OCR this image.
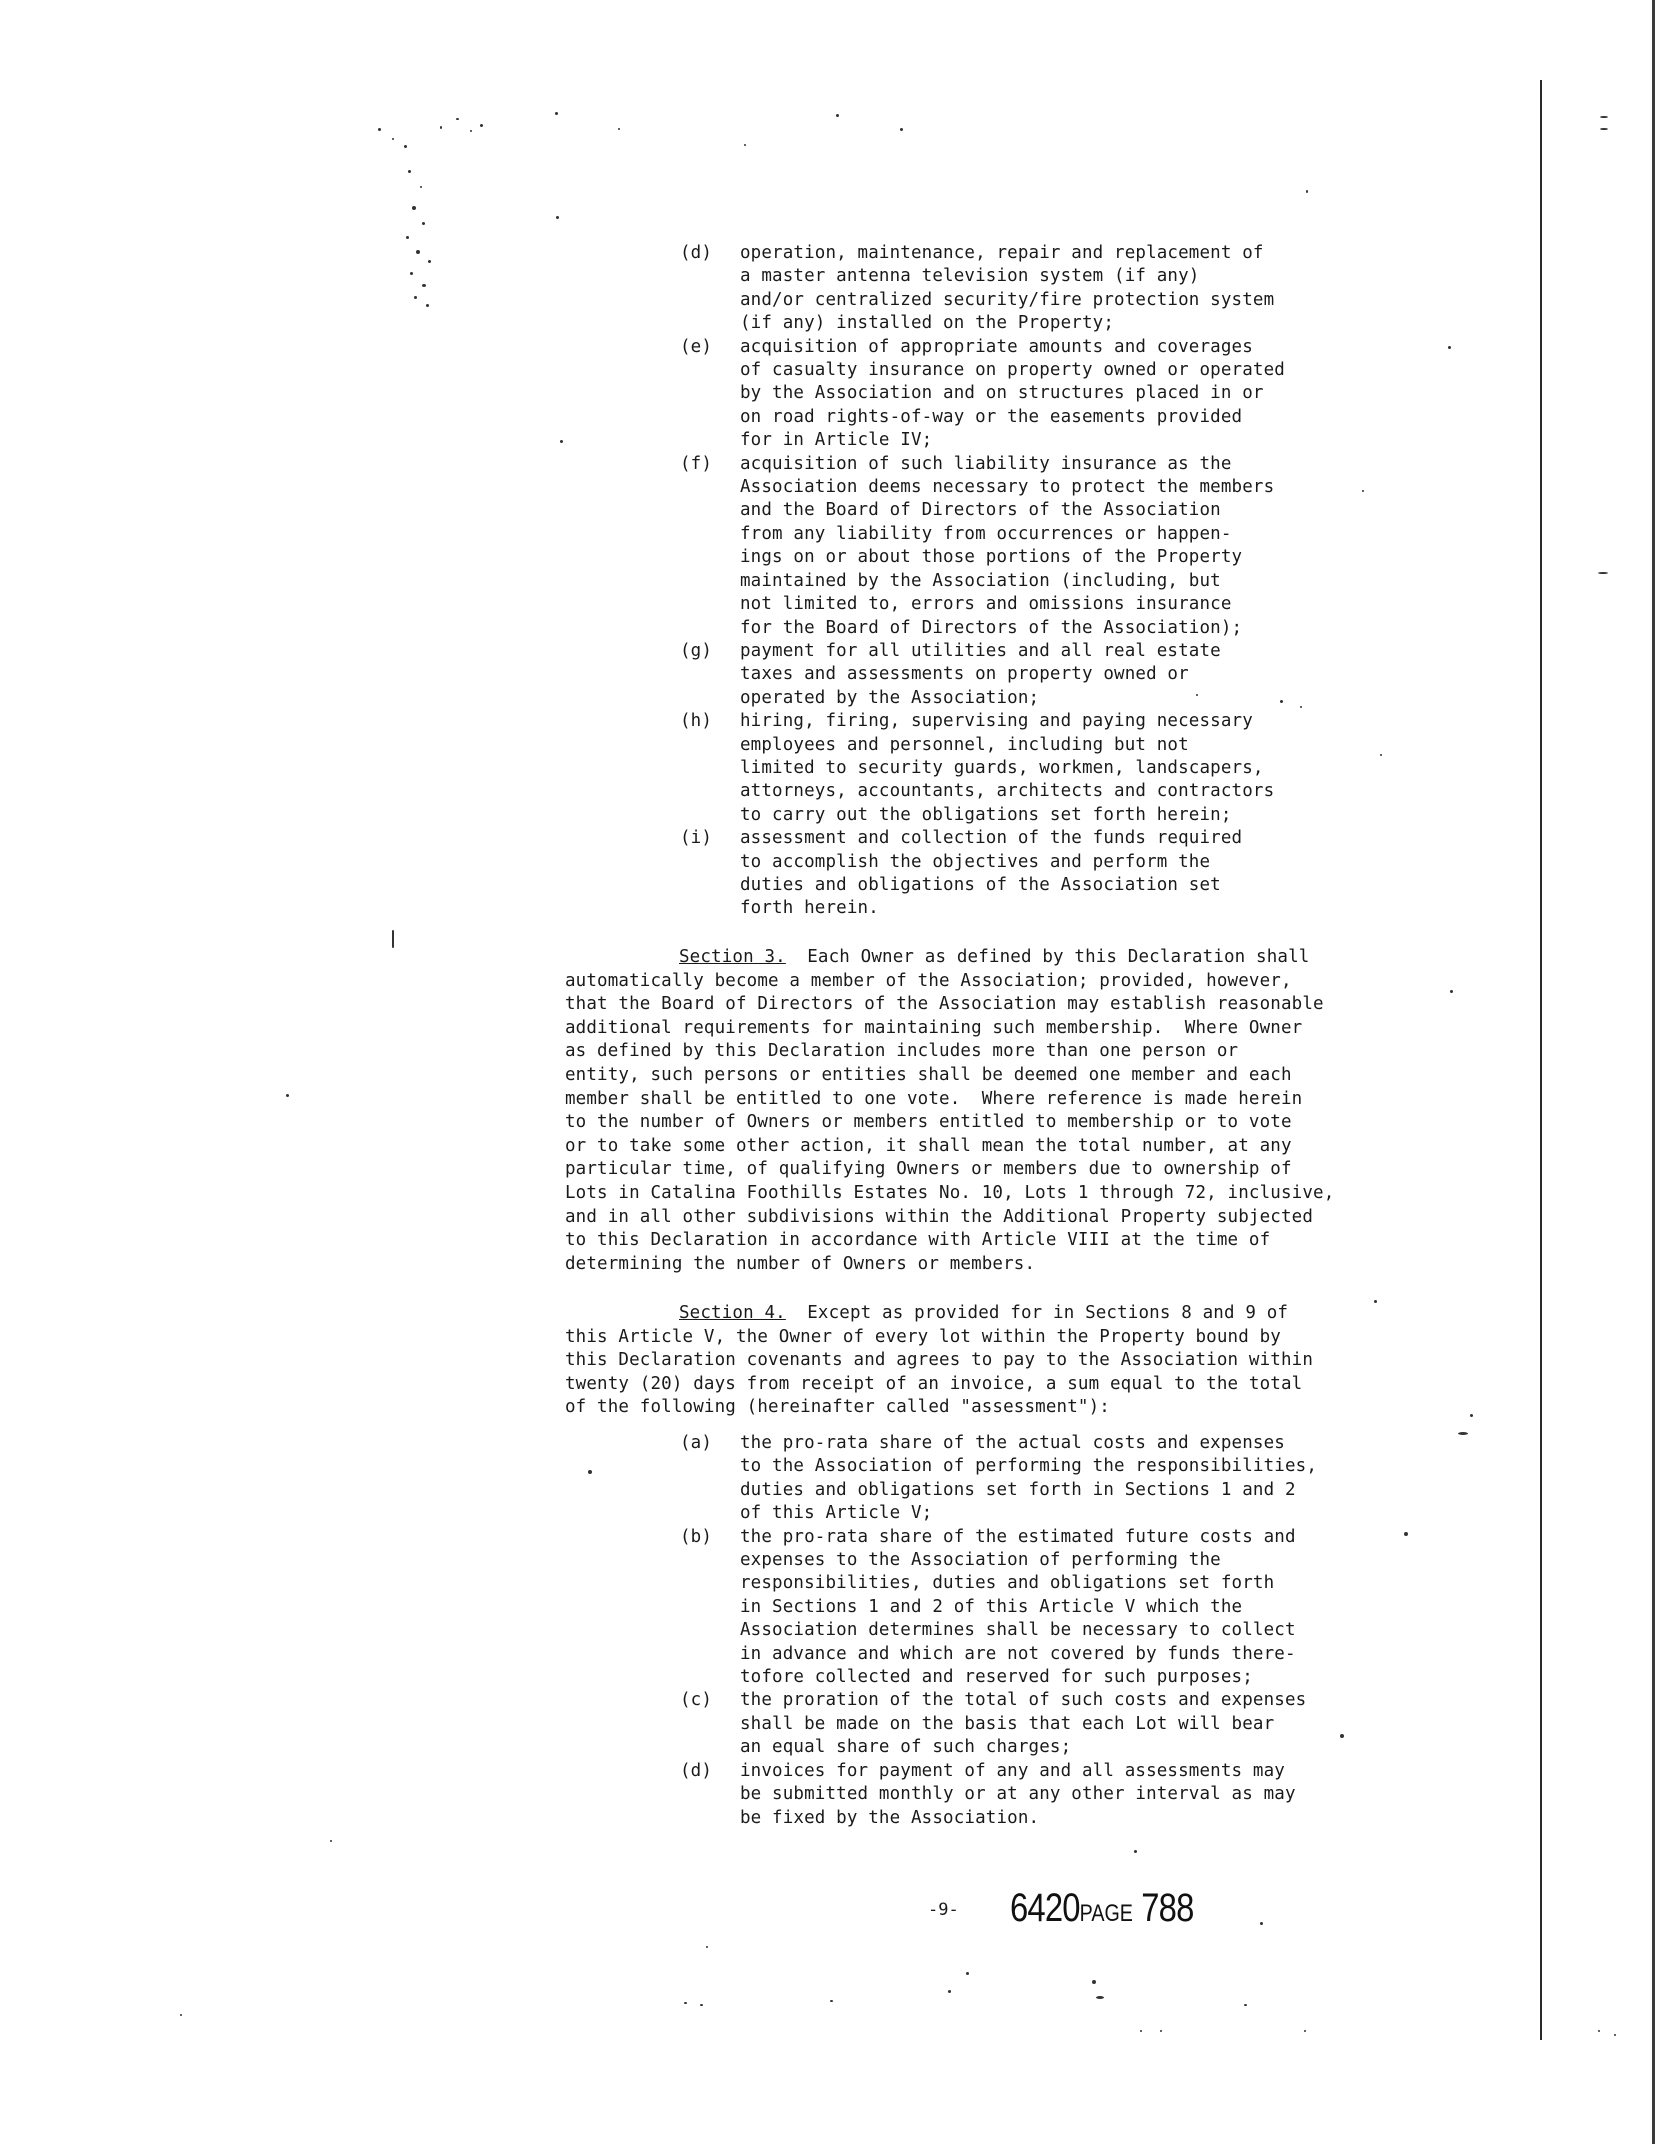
(d) operation, maintenance, repair and replacement of
a master antenna television system (if any)
and/or centralized security/fire protection system
(if any) installed on the Property;
(e) acquisition of appropriate amounts and coverages
of casualty insurance on property owned or operated
by the Association and on structures placed in or
on road rights-of-way or the easements provided
for in Article IV;
(f) acquisition of such liability insurance as the
Association deems necessary to protect the members
and the Board of Directors of the Association
from any liability from occurrences or happen-
ings on or about those portions of the Property
maintained by the Association (including, but
not limited to, errors and omissions insurance
for the Board of Directors of the Association);
(g) payment for all utilities and all real estate
taxes and assessments on property owned or
operated by the Association;
(h) hiring, firing, supervising and paying necessary
employees and personnel, including but not
limited to security guards, workmen, landscapers,
attorneys, accountants, architects and contractors
to carry out the obligations set forth herein;
(i) assessment and collection of the funds required
to accomplish the objectives and perform the
duties and obligations of the Association set
forth herein.
Section 3.  Each Owner as defined by this Declaration shall
automatically become a member of the Association; provided, however,
that the Board of Directors of the Association may establish reasonable
additional requirements for maintaining such membership.  Where Owner
as defined by this Declaration includes more than one person or
entity, such persons or entities shall be deemed one member and each
member shall be entitled to one vote.  Where reference is made herein
to the number of Owners or members entitled to membership or to vote
or to take some other action, it shall mean the total number, at any
particular time, of qualifying Owners or members due to ownership of
Lots in Catalina Foothills Estates No. 10, Lots 1 through 72, inclusive,
and in all other subdivisions within the Additional Property subjected
to this Declaration in accordance with Article VIII at the time of
determining the number of Owners or members.
Section 4.  Except as provided for in Sections 8 and 9 of
this Article V, the Owner of every lot within the Property bound by
this Declaration covenants and agrees to pay to the Association within
twenty (20) days from receipt of an invoice, a sum equal to the total
of the following (hereinafter called "assessment"):
(a) the pro-rata share of the actual costs and expenses
to the Association of performing the responsibilities,
duties and obligations set forth in Sections 1 and 2
of this Article V;
(b) the pro-rata share of the estimated future costs and
expenses to the Association of performing the
responsibilities, duties and obligations set forth
in Sections 1 and 2 of this Article V which the
Association determines shall be necessary to collect
in advance and which are not covered by funds there-
tofore collected and reserved for such purposes;
(c) the proration of the total of such costs and expenses
shall be made on the basis that each Lot will bear
an equal share of such charges;
(d) invoices for payment of any and all assessments may
be submitted monthly or at any other interval as may
be fixed by the Association.
-9- 6420PAGE 788
